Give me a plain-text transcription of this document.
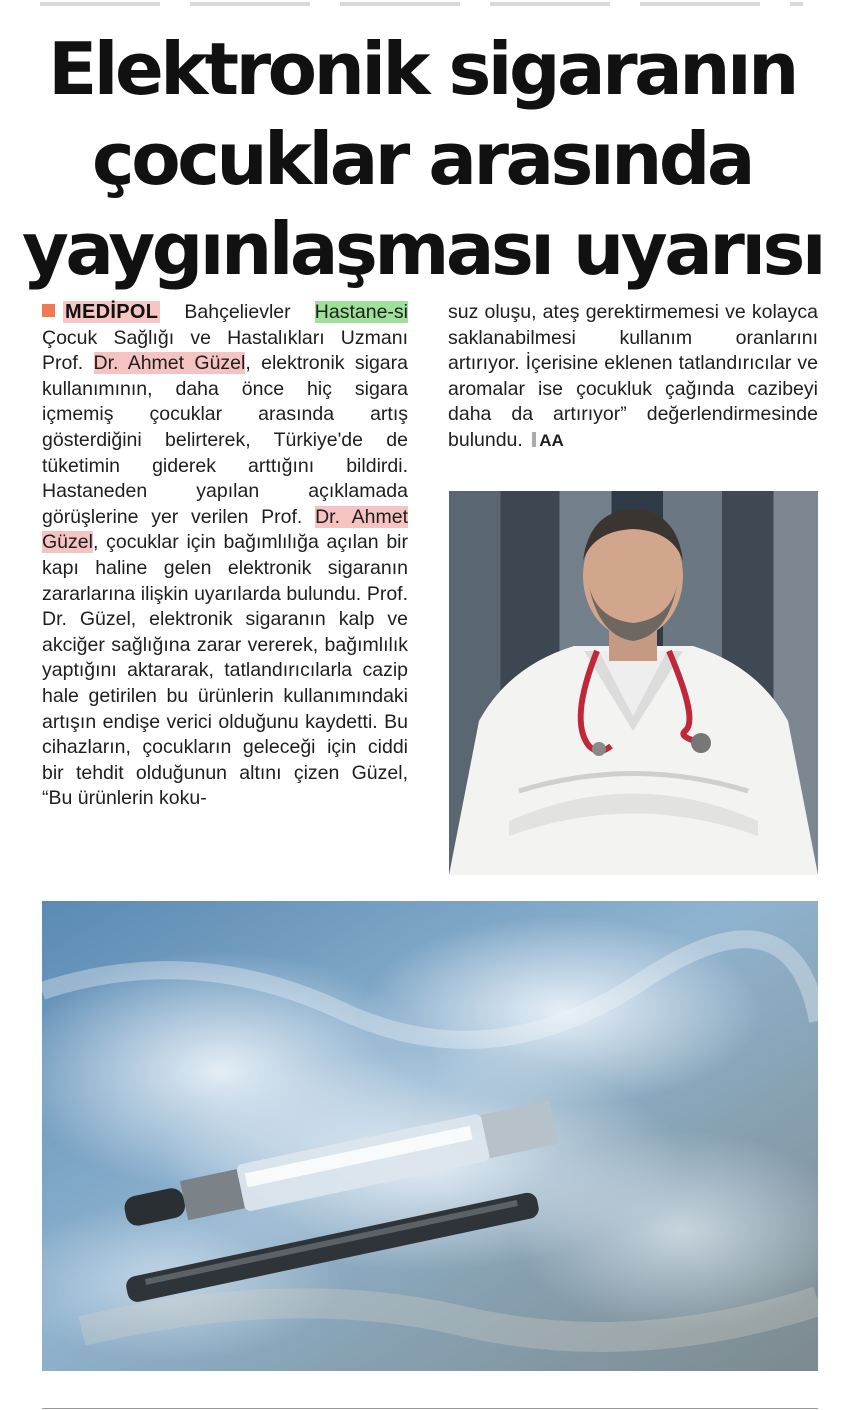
Elektronik sigaranın
çocuklar arasında
yaygınlaşması uyarısı

MEDİPOL Bahçelievler Hastane-si Çocuk Sağlığı ve Hastalıkları Uzmanı Prof. Dr. Ahmet Güzel, elektronik sigara kullanımının, daha önce hiç sigara içmemiş çocuklar arasında artış gösterdiğini belirterek, Türkiye'de de tüketimin giderek arttığını bildirdi. Hastaneden yapılan açıklamada görüşlerine yer verilen Prof. Dr. Ahmet Güzel, çocuklar için bağımlılığa açılan bir kapı haline gelen elektronik sigaranın zararlarına ilişkin uyarılarda bulundu. Prof. Dr. Güzel, elektronik sigaranın kalp ve akciğer sağlığına zarar vererek, bağımlılık yaptığını aktararak, tatlandırıcılarla cazip hale getirilen bu ürünlerin kullanımındaki artışın endişe verici olduğunu kaydetti. Bu cihazların, çocukların geleceği için ciddi bir tehdit olduğunun altını çizen Güzel, “Bu ürünlerin koku-

suz oluşu, ateş gerektirmemesi ve kolayca saklanabilmesi kullanım oranlarını artırıyor. İçerisine eklenen tatlandırıcılar ve aromalar ise çocukluk çağında cazibeyi daha da artırıyor” değerlendirmesinde bulundu. AA
